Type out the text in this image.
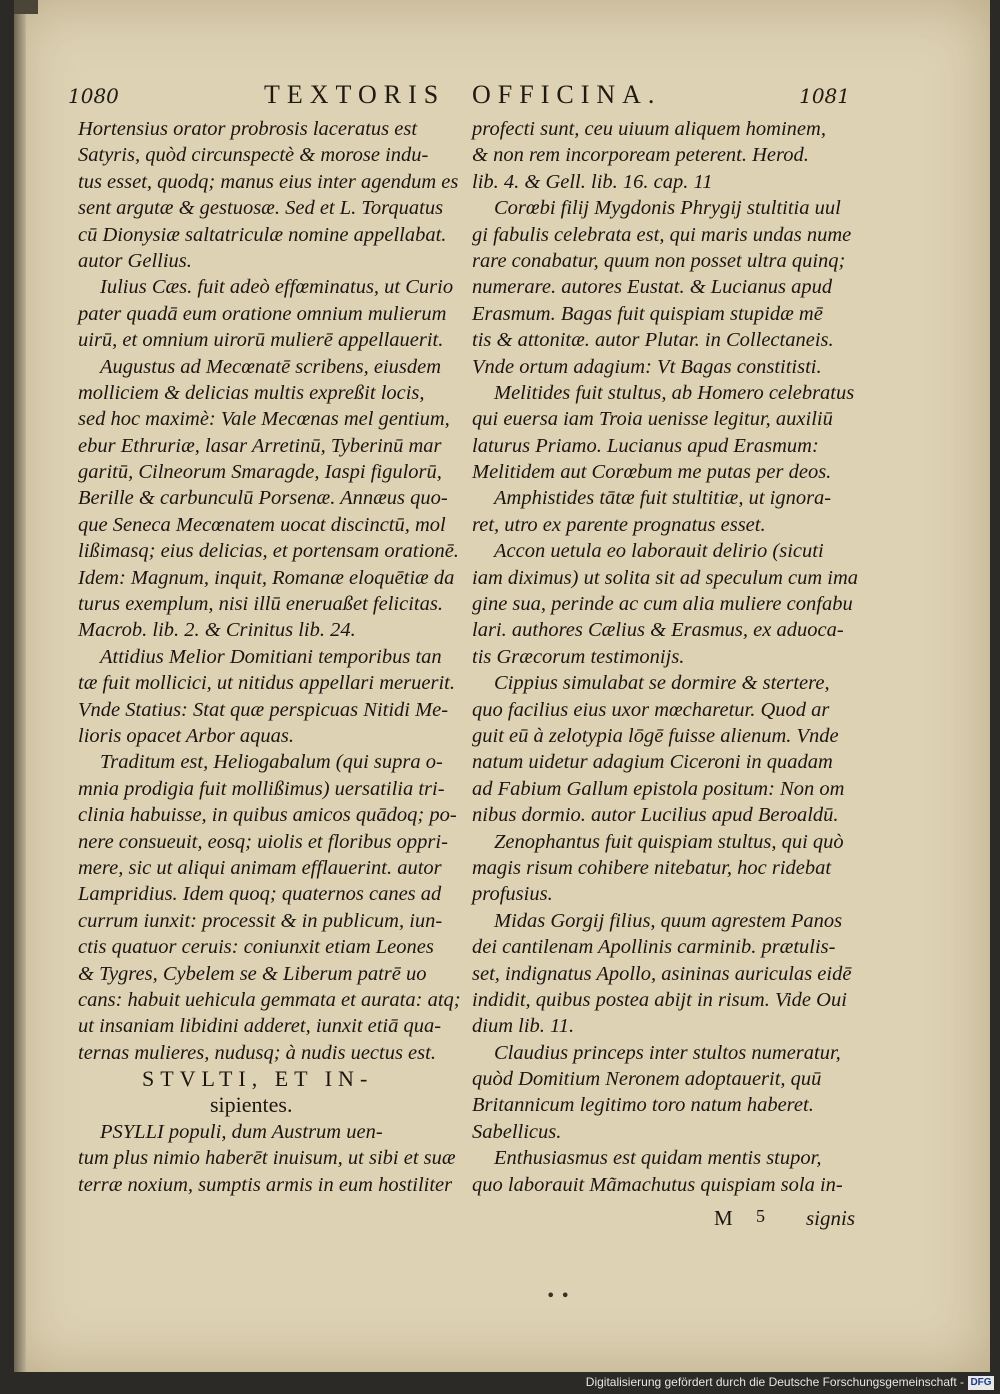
1080	TEXTORIS OFFICINA.	1081
Hortensius orator probrosis laceratus est
Satyris, quòd circunspectè & morose indu-
tus esset, quodq; manus eius inter agendum es
sent argutæ & gestuosæ. Sed et L. Torquatus
cū Dionysiæ saltatriculæ nomine appellabat.
autor Gellius.
Iulius Cæs. fuit adeò effœminatus, ut Curio
pater quadā eum oratione omnium mulierum
uirū, et omnium uirorū mulierē appellauerit.
Augustus ad Mecœnatē scribens, eiusdem
molliciem & delicias multis expreßit locis,
sed hoc maximè: Vale Mecœnas mel gentium,
ebur Ethruriæ, lasar Arretinū, Tyberinū mar
garitū, Cilneorum Smaragde, Iaspi figulorū,
Berille & carbunculū Porsenæ. Annæus quo-
que Seneca Mecœnatem uocat discinctū, mol
lißimasq; eius delicias, et portensam orationē.
Idem: Magnum, inquit, Romanæ eloquētiæ da
turus exemplum, nisi illū eneruaßet felicitas.
Macrob. lib. 2. & Crinitus lib. 24.
Attidius Melior Domitiani temporibus tan
tæ fuit mollicici, ut nitidus appellari meruerit.
Vnde Statius: Stat quæ perspicuas Nitidi Me-
lioris opacet Arbor aquas.
Traditum est, Heliogabalum (qui supra o-
mnia prodigia fuit mollißimus) uersatilia tri-
clinia habuisse, in quibus amicos quādoq; po-
nere consueuit, eosq; uiolis et floribus oppri-
mere, sic ut aliqui animam efflauerint. autor
Lampridius. Idem quoq; quaternos canes ad
currum iunxit: processit & in publicum, iun-
ctis quatuor ceruis: coniunxit etiam Leones
& Tygres, Cybelem se & Liberum patrē uo
cans: habuit uehicula gemmata et aurata: atq;
ut insaniam libidini adderet, iunxit etiā qua-
ternas mulieres, nudusq; à nudis uectus est.
STVLTI, ET IN-
sipientes.
PSYLLI populi, dum Austrum uen-
tum plus nimio haberēt inuisum, ut sibi et suæ
terræ noxium, sumptis armis in eum hostiliter
profecti sunt, ceu uiuum aliquem hominem,
& non rem incorpoream peterent. Herod.
lib. 4. & Gell. lib. 16. cap. 11
Corœbi filij Mygdonis Phrygij stultitia uul
gi fabulis celebrata est, qui maris undas nume
rare conabatur, quum non posset ultra quinq;
numerare. autores Eustat. & Lucianus apud
Erasmum. Bagas fuit quispiam stupidæ mē
tis & attonitæ. autor Plutar. in Collectaneis.
Vnde ortum adagium: Vt Bagas constitisti.
Melitides fuit stultus, ab Homero celebratus
qui euersa iam Troia uenisse legitur, auxiliū
laturus Priamo. Lucianus apud Erasmum:
Melitidem aut Corœbum me putas per deos.
Amphistides tātæ fuit stultitiæ, ut ignora-
ret, utro ex parente prognatus esset.
Accon uetula eo laborauit delirio (sicuti
iam diximus) ut solita sit ad speculum cum ima
gine sua, perinde ac cum alia muliere confabu
lari. authores Cælius & Erasmus, ex aduoca-
tis Græcorum testimonijs.
Cippius simulabat se dormire & stertere,
quo facilius eius uxor mœcharetur. Quod ar
guit eū à zelotypia lōgē fuisse alienum. Vnde
natum uidetur adagium Ciceroni in quadam
ad Fabium Gallum epistola positum: Non om
nibus dormio. autor Lucilius apud Beroaldū.
Zenophantus fuit quispiam stultus, qui quò
magis risum cohibere nitebatur, hoc ridebat
profusius.
Midas Gorgij filius, quum agrestem Panos
dei cantilenam Apollinis carminib. prætulis-
set, indignatus Apollo, asininas auriculas eidē
indidit, quibus postea abijt in risum. Vide Oui
dium lib. 11.
Claudius princeps inter stultos numeratur,
quòd Domitium Neronem adoptauerit, quū
Britannicum legitimo toro natum haberet.
Sabellicus.
Enthusiasmus est quidam mentis stupor,
quo laborauit Mãmachutus quispiam sola in-
M 5 signis
• •
Digitalisierung gefördert durch die Deutsche Forschungsgemeinschaft - DFG
